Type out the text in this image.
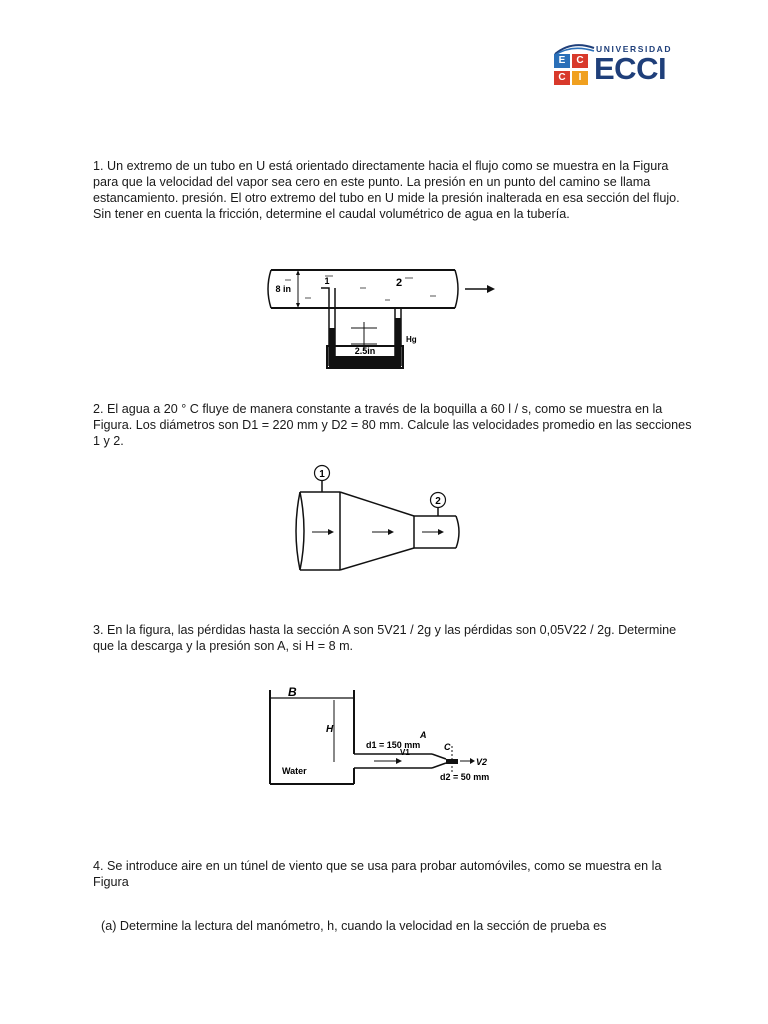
E	C
C	I
UNIVERSIDAD
ECCI

1. Un extremo de un tubo en U está orientado directamente hacia el flujo como se muestra en la Figura para que la velocidad del vapor sea cero en este punto. La presión en un punto del camino se llama estancamiento. presión. El otro extremo del tubo en U mide la presión inalterada en esa sección del flujo. Sin tener en cuenta la fricción, determine el caudal volumétrico de agua en la tubería.

8 in
1	2
2.5in
Hg

2. El agua a 20 ° C fluye de manera constante a través de la boquilla a 60 l / s, como se muestra en la Figura. Los diámetros son D1 = 220 mm y D2 = 80 mm. Calcule las velocidades promedio en las secciones 1 y 2.

1
2

3. En la figura, las pérdidas hasta la sección A son 5V21 / 2g y las pérdidas son 0,05V22 / 2g. Determine que la descarga y la presión son A, si H = 8 m.

B
H
d1 = 150 mm
V1
A
C
V2
d2 = 50 mm
Water

4. Se introduce aire en un túnel de viento que se usa para probar automóviles, como se muestra en la Figura

(a) Determine la lectura del manómetro, h, cuando la velocidad en la sección de prueba es
